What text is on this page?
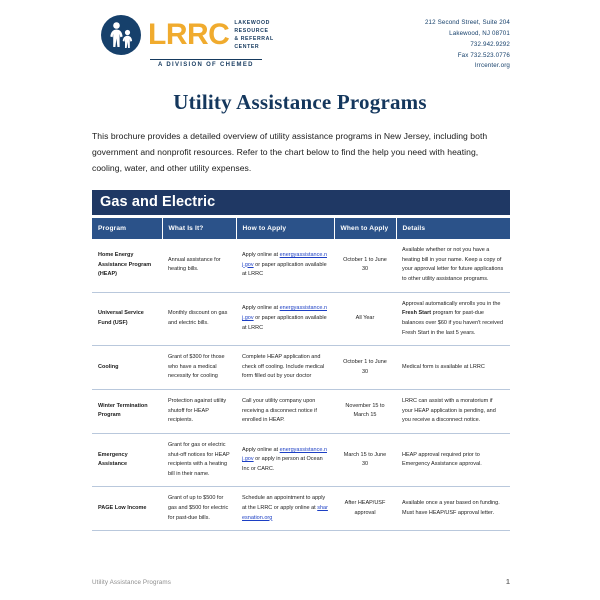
LRRC LAKEWOOD
RESOURCE
& REFERRAL
CENTER
A DIVISION OF CHEMED
212 Second Street, Suite 204
Lakewood, NJ 08701
732.942.9292
Fax 732.523.0776
lrrcenter.org
Utility Assistance Programs
This brochure provides a detailed overview of utility assistance programs in New Jersey, including both government and nonprofit resources. Refer to the chart below to find the help you need with heating, cooling, water, and other utility expenses.
Gas and Electric
Program	What Is It?	How to Apply	When to Apply	Details
Home Energy Assistance Program (HEAP)	Annual assistance for heating bills.	Apply online at energyassistance.nj.gov or paper application available at LRRC	October 1 to June 30	Available whether or not you have a heating bill in your name. Keep a copy of your approval letter for future applications to other utility assistance programs.
Universal Service Fund (USF)	Monthly discount on gas and electric bills.	Apply online at energyassistance.nj.gov or paper application available at LRRC	All Year	Approval automatically enrolls you in the Fresh Start program for past-due balances over $60 if you haven't received Fresh Start in the last 5 years.
Cooling	Grant of $300 for those who have a medical necessity for cooling	Complete HEAP application and check off cooling. Include medical form filled out by your doctor	October 1 to June 30	Medical form is available at LRRC
Winter Termination Program	Protection against utility shutoff for HEAP recipients.	Call your utility company upon receiving a disconnect notice if enrolled in HEAP.	November 15 to March 15	LRRC can assist with a moratorium if your HEAP application is pending, and you receive a disconnect notice.
Emergency Assistance	Grant for gas or electric shut-off notices for HEAP recipients with a heating bill in their name.	Apply online at energyassistance.nj.gov or apply in person at Ocean Inc or CARC.	March 15 to June 30	HEAP approval required prior to Emergency Assistance approval.
PAGE Low Income	Grant of up to $500 for gas and $500 for electric for past-due bills.	Schedule an appointment to apply at the LRRC or apply online at sharesnation.org	After HEAP/USF approval	Available once a year based on funding. Must have HEAP/USF approval letter.
Utility Assistance Programs	1
